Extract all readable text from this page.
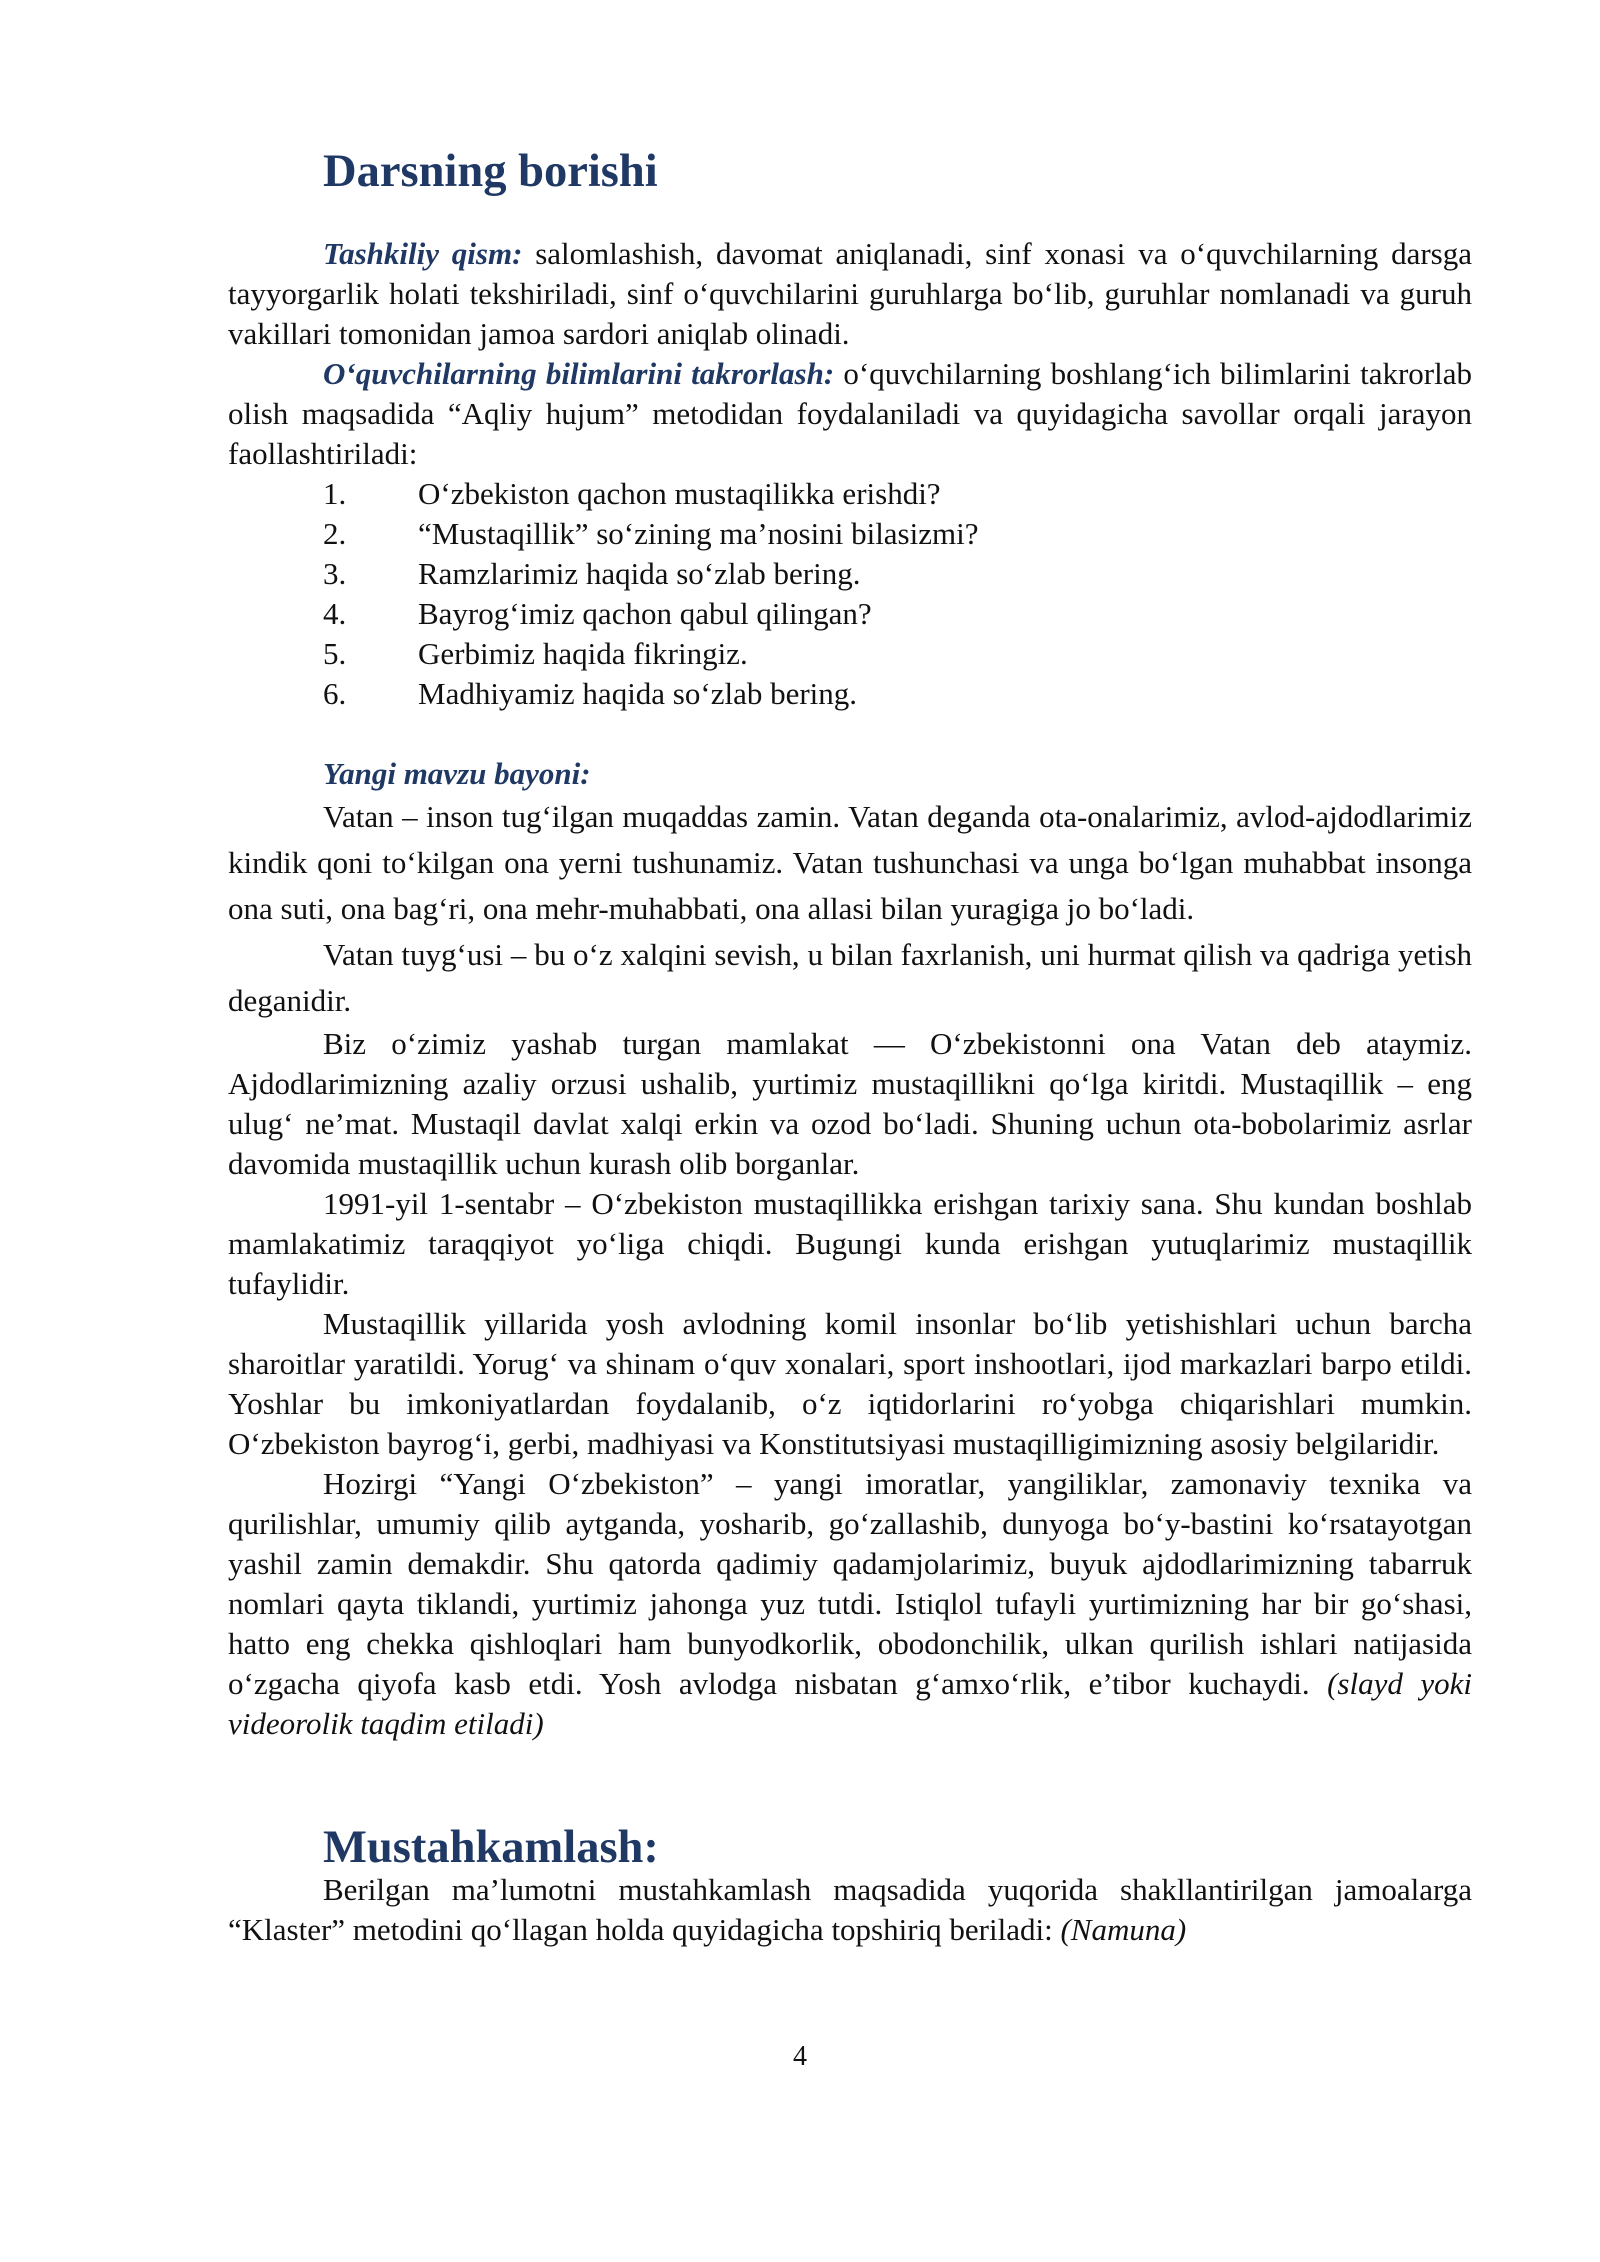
Darsning borishi

Tashkiliy qism: salomlashish, davomat aniqlanadi, sinf xonasi va o‘quvchilarning darsga tayyorgarlik holati tekshiriladi, sinf o‘quvchilarini guruhlarga bo‘lib, guruhlar nomlanadi va guruh vakillari tomonidan jamoa sardori aniqlab olinadi.

O‘quvchilarning bilimlarini takrorlash: o‘quvchilarning boshlang‘ich bilimlarini takrorlab olish maqsadida “Aqliy hujum” metodidan foydalaniladi va quyidagicha savollar orqali jarayon faollashtiriladi:

1.	O‘zbekiston qachon mustaqilikka erishdi?
2.	“Mustaqillik” so‘zining ma’nosini bilasizmi?
3.	Ramzlarimiz haqida so‘zlab bering.
4.	Bayrog‘imiz qachon qabul qilingan?
5.	Gerbimiz haqida fikringiz.
6.	Madhiyamiz haqida so‘zlab bering.

Yangi mavzu bayoni:

Vatan – inson tug‘ilgan muqaddas zamin. Vatan deganda ota-onalarimiz, avlod-ajdodlarimiz kindik qoni to‘kilgan ona yerni tushunamiz. Vatan tushunchasi va unga bo‘lgan muhabbat insonga ona suti, ona bag‘ri, ona mehr-muhabbati, ona allasi bilan yuragiga jo bo‘ladi.

Vatan tuyg‘usi – bu o‘z xalqini sevish, u bilan faxrlanish, uni hurmat qilish va qadriga yetish deganidir.

Biz o‘zimiz yashab turgan mamlakat — O‘zbekistonni ona Vatan deb ataymiz. Ajdodlarimizning azaliy orzusi ushalib, yurtimiz mustaqillikni qo‘lga kiritdi. Mustaqillik – eng ulug‘ ne’mat. Mustaqil davlat xalqi erkin va ozod bo‘ladi. Shuning uchun ota-bobolarimiz asrlar davomida mustaqillik uchun kurash olib borganlar.

1991-yil 1-sentabr – O‘zbekiston mustaqillikka erishgan tarixiy sana. Shu kundan boshlab mamlakatimiz taraqqiyot yo‘liga chiqdi. Bugungi kunda erishgan yutuqlarimiz mustaqillik tufaylidir.

Mustaqillik yillarida yosh avlodning komil insonlar bo‘lib yetishishlari uchun barcha sharoitlar yaratildi. Yorug‘ va shinam o‘quv xonalari, sport inshootlari, ijod markazlari barpo etildi. Yoshlar bu imkoniyatlardan foydalanib, o‘z iqtidorlarini ro‘yobga chiqarishlari mumkin. O‘zbekiston bayrog‘i, gerbi, madhiyasi va Konstitutsiyasi mustaqilligimizning asosiy belgilaridir.

Hozirgi “Yangi O‘zbekiston” – yangi imoratlar, yangiliklar, zamonaviy texnika va qurilishlar, umumiy qilib aytganda, yosharib, go‘zallashib, dunyoga bo‘y-bastini ko‘rsatayotgan yashil zamin demakdir. Shu qatorda qadimiy qadamjolarimiz, buyuk ajdodlarimizning tabarruk nomlari qayta tiklandi, yurtimiz jahonga yuz tutdi. Istiqlol tufayli yurtimizning har bir go‘shasi, hatto eng chekka qishloqlari ham bunyodkorlik, obodonchilik, ulkan qurilish ishlari natijasida o‘zgacha qiyofa kasb etdi. Yosh avlodga nisbatan g‘amxo‘rlik, e’tibor kuchaydi. (slayd yoki videorolik taqdim etiladi)

Mustahkamlash:

Berilgan ma’lumotni mustahkamlash maqsadida yuqorida shakllantirilgan jamoalarga “Klaster” metodini qo‘llagan holda quyidagicha topshiriq beriladi: (Namuna)

4
